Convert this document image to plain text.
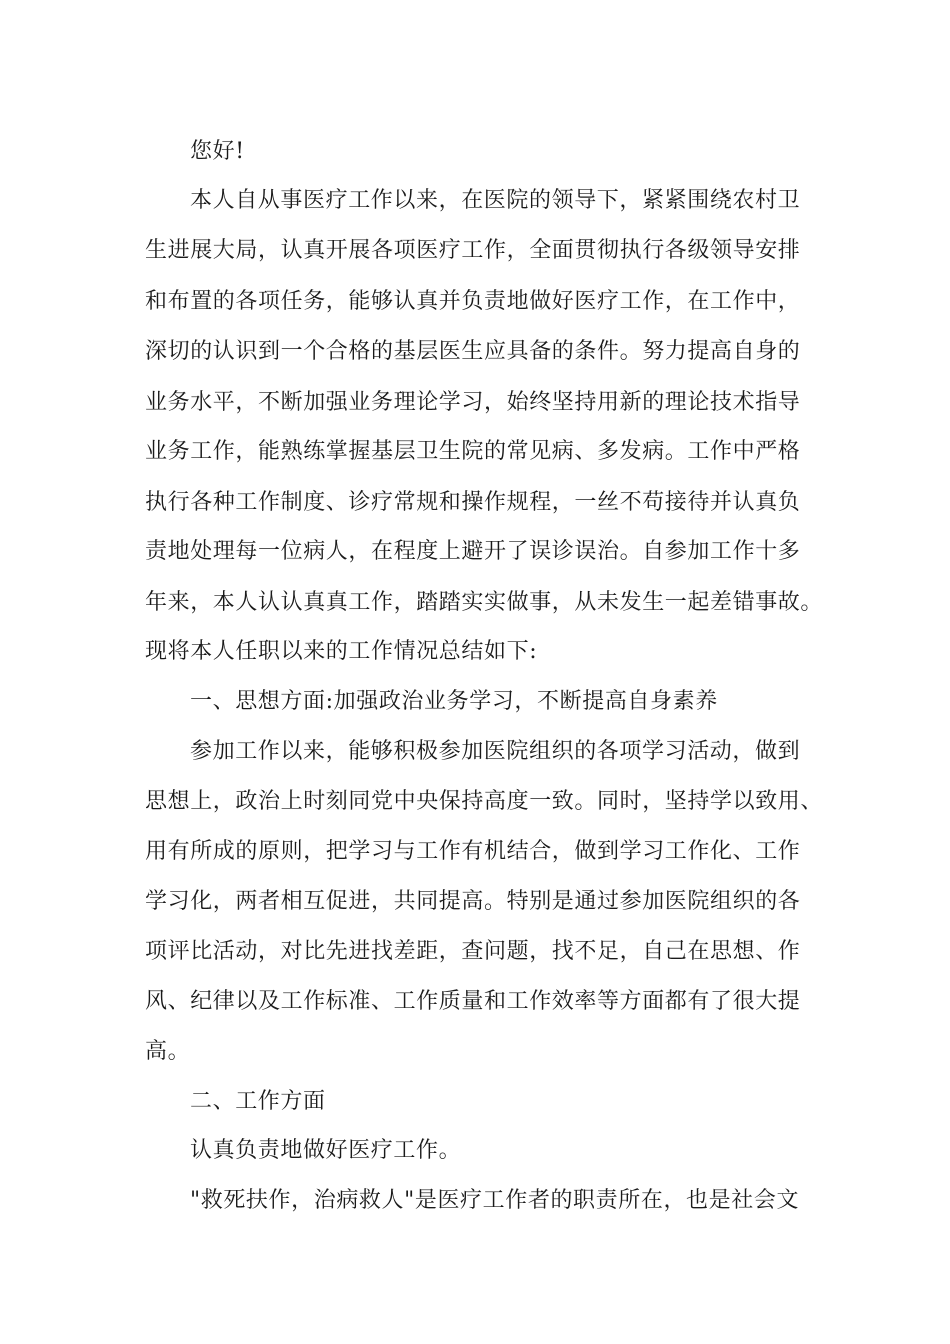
您好!
本人自从事医疗工作以来，在医院的领导下，紧紧围绕农村卫
生进展大局，认真开展各项医疗工作，全面贯彻执行各级领导安排
和布置的各项任务，能够认真并负责地做好医疗工作，在工作中，
深切的认识到一个合格的基层医生应具备的条件。努力提高自身的
业务水平，不断加强业务理论学习，始终坚持用新的理论技术指导
业务工作，能熟练掌握基层卫生院的常见病、多发病。工作中严格
执行各种工作制度、诊疗常规和操作规程，一丝不苟接待并认真负
责地处理每一位病人，在程度上避开了误诊误治。自参加工作十多
年来，本人认认真真工作，踏踏实实做事，从未发生一起差错事故。
现将本人任职以来的工作情况总结如下:
一、思想方面:加强政治业务学习，不断提高自身素养
参加工作以来，能够积极参加医院组织的各项学习活动，做到
思想上，政治上时刻同党中央保持高度一致。同时，坚持学以致用、
用有所成的原则，把学习与工作有机结合，做到学习工作化、工作
学习化，两者相互促进，共同提高。特别是通过参加医院组织的各
项评比活动，对比先进找差距，查问题，找不足，自己在思想、作
风、纪律以及工作标准、工作质量和工作效率等方面都有了很大提
高。
二、工作方面
认真负责地做好医疗工作。
"救死扶作，治病救人"是医疗工作者的职责所在，也是社会文
